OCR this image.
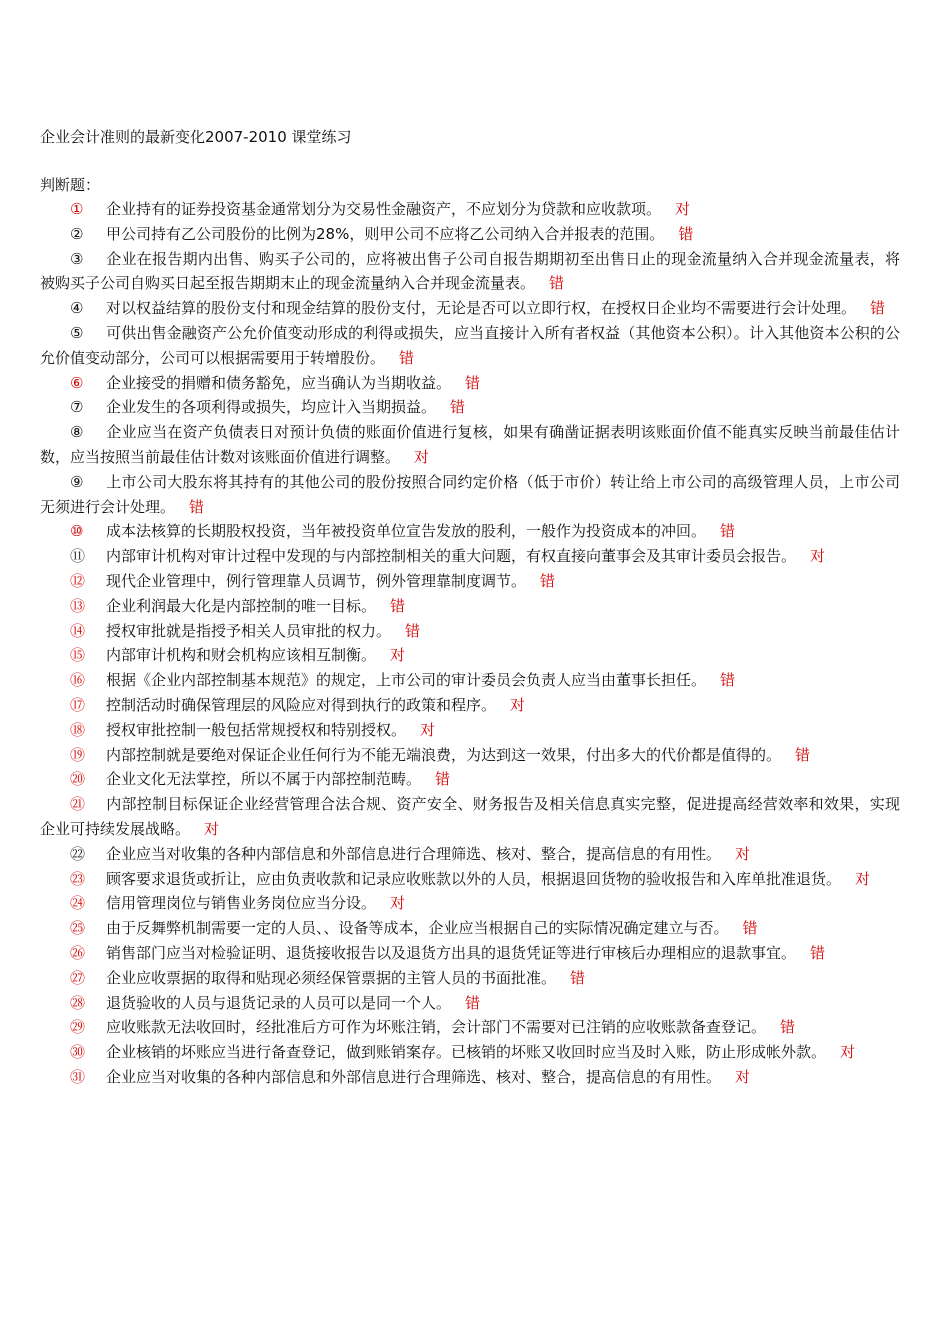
企业会计准则的最新变化2007-2010 课堂练习
判断题：
① 企业持有的证券投资基金通常划分为交易性金融资产，不应划分为贷款和应收款项。 对
② 甲公司持有乙公司股份的比例为28%，则甲公司不应将乙公司纳入合并报表的范围。 错
③ 企业在报告期内出售、购买子公司的，应将被出售子公司自报告期期初至出售日止的现金流量纳入合并现金流量表，将被购买子公司自购买日起至报告期期末止的现金流量纳入合并现金流量表。 错
④ 对以权益结算的股份支付和现金结算的股份支付，无论是否可以立即行权，在授权日企业均不需要进行会计处理。 错
⑤ 可供出售金融资产公允价值变动形成的利得或损失，应当直接计入所有者权益（其他资本公积）。计入其他资本公积的公允价值变动部分，公司可以根据需要用于转增股份。 错
⑥ 企业接受的捐赠和债务豁免，应当确认为当期收益。 错
⑦ 企业发生的各项利得或损失，均应计入当期损益。 错
⑧ 企业应当在资产负债表日对预计负债的账面价值进行复核，如果有确凿证据表明该账面价值不能真实反映当前最佳估计数，应当按照当前最佳估计数对该账面价值进行调整。 对
⑨ 上市公司大股东将其持有的其他公司的股份按照合同约定价格（低于市价）转让给上市公司的高级管理人员，上市公司无须进行会计处理。 错
⑩ 成本法核算的长期股权投资，当年被投资单位宣告发放的股利，一般作为投资成本的冲回。 错
⑪ 内部审计机构对审计过程中发现的与内部控制相关的重大问题，有权直接向董事会及其审计委员会报告。 对
⑫ 现代企业管理中，例行管理靠人员调节，例外管理靠制度调节。 错
⑬ 企业利润最大化是内部控制的唯一目标。 错
⑭ 授权审批就是指授予相关人员审批的权力。 错
⑮ 内部审计机构和财会机构应该相互制衡。 对
⑯ 根据《企业内部控制基本规范》的规定，上市公司的审计委员会负责人应当由董事长担任。 错
⑰ 控制活动时确保管理层的风险应对得到执行的政策和程序。 对
⑱ 授权审批控制一般包括常规授权和特别授权。 对
⑲ 内部控制就是要绝对保证企业任何行为不能无端浪费，为达到这一效果，付出多大的代价都是值得的。 错
⑳ 企业文化无法掌控，所以不属于内部控制范畴。 错
㉑ 内部控制目标保证企业经营管理合法合规、资产安全、财务报告及相关信息真实完整，促进提高经营效率和效果，实现企业可持续发展战略。 对
㉒ 企业应当对收集的各种内部信息和外部信息进行合理筛选、核对、整合，提高信息的有用性。 对
㉓ 顾客要求退货或折让，应由负责收款和记录应收账款以外的人员，根据退回货物的验收报告和入库单批准退货。 对
㉔ 信用管理岗位与销售业务岗位应当分设。 对
㉕ 由于反舞弊机制需要一定的人员、、设备等成本，企业应当根据自己的实际情况确定建立与否。 错
㉖ 销售部门应当对检验证明、退货接收报告以及退货方出具的退货凭证等进行审核后办理相应的退款事宜。 错
㉗ 企业应收票据的取得和贴现必须经保管票据的主管人员的书面批准。 错
㉘ 退货验收的人员与退货记录的人员可以是同一个人。 错
㉙ 应收账款无法收回时，经批准后方可作为坏账注销，会计部门不需要对已注销的应收账款备查登记。 错
㉚ 企业核销的坏账应当进行备查登记，做到账销案存。已核销的坏账又收回时应当及时入账，防止形成帐外款。 对
㉛ 企业应当对收集的各种内部信息和外部信息进行合理筛选、核对、整合，提高信息的有用性。 对
